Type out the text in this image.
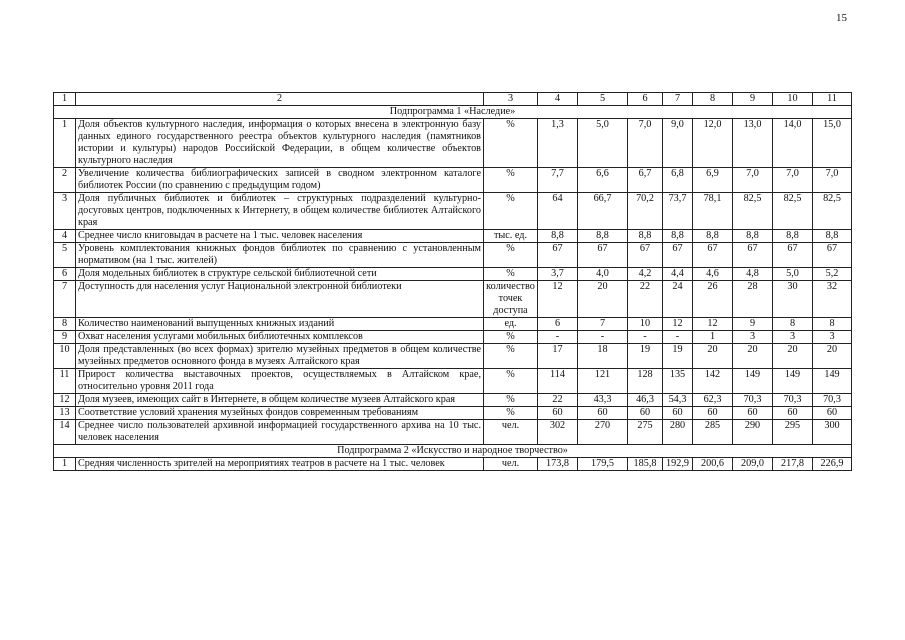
15
1	2	3	4	5	6	7	8	9	10	11
Подпрограмма 1 «Наследие»										
1	Доля объектов культурного наследия, информация о которых внесена в электронную базу данных единого государственного реестра объектов культурного наследия (памятников истории и культуры) народов Российской Федерации, в общем количестве объектов культурного наследия	%	1,3	5,0	7,0	9,0	12,0	13,0	14,0	15,0
2	Увеличение количества библиографических записей в сводном электронном каталоге библиотек России (по сравнению с предыдущим годом)	%	7,7	6,6	6,7	6,8	6,9	7,0	7,0	7,0
3	Доля публичных библиотек и библиотек – структурных подразделений культурно-досуговых центров, подключенных к Интернету, в общем количестве библиотек Алтайского края	%	64	66,7	70,2	73,7	78,1	82,5	82,5	82,5
4	Среднее число книговыдач в расчете на 1 тыс. человек населения	тыс. ед.	8,8	8,8	8,8	8,8	8,8	8,8	8,8	8,8
5	Уровень комплектования книжных фондов библиотек по сравнению с установленным нормативом (на 1 тыс. жителей)	%	67	67	67	67	67	67	67	67
6	Доля модельных библиотек в структуре сельской библиотечной сети	%	3,7	4,0	4,2	4,4	4,6	4,8	5,0	5,2
7	Доступность для населения услуг Национальной электронной библиотеки	количество точек доступа	12	20	22	24	26	28	30	32
8	Количество наименований выпущенных книжных изданий	ед.	6	7	10	12	12	9	8	8
9	Охват населения услугами мобильных библиотечных комплексов	%	-	-	-	-	1	3	3	3
10	Доля представленных (во всех формах) зрителю музейных предметов в общем количестве музейных предметов основного фонда в музеях Алтайского края	%	17	18	19	19	20	20	20	20
11	Прирост количества выставочных проектов, осуществляемых в Алтайском крае, относительно уровня 2011 года	%	114	121	128	135	142	149	149	149
12	Доля музеев, имеющих сайт в Интернете, в общем количестве музеев Алтайского края	%	22	43,3	46,3	54,3	62,3	70,3	70,3	70,3
13	Соответствие условий хранения музейных фондов современным требованиям	%	60	60	60	60	60	60	60	60
14	Среднее число пользователей архивной информацией государственного архива на 10 тыс. человек населения	чел.	302	270	275	280	285	290	295	300
Подпрограмма 2 «Искусство и народное творчество»										
1	Средняя численность зрителей на мероприятиях театров в расчете на 1 тыс. человек	чел.	173,8	179,5	185,8	192,9	200,6	209,0	217,8	226,9
